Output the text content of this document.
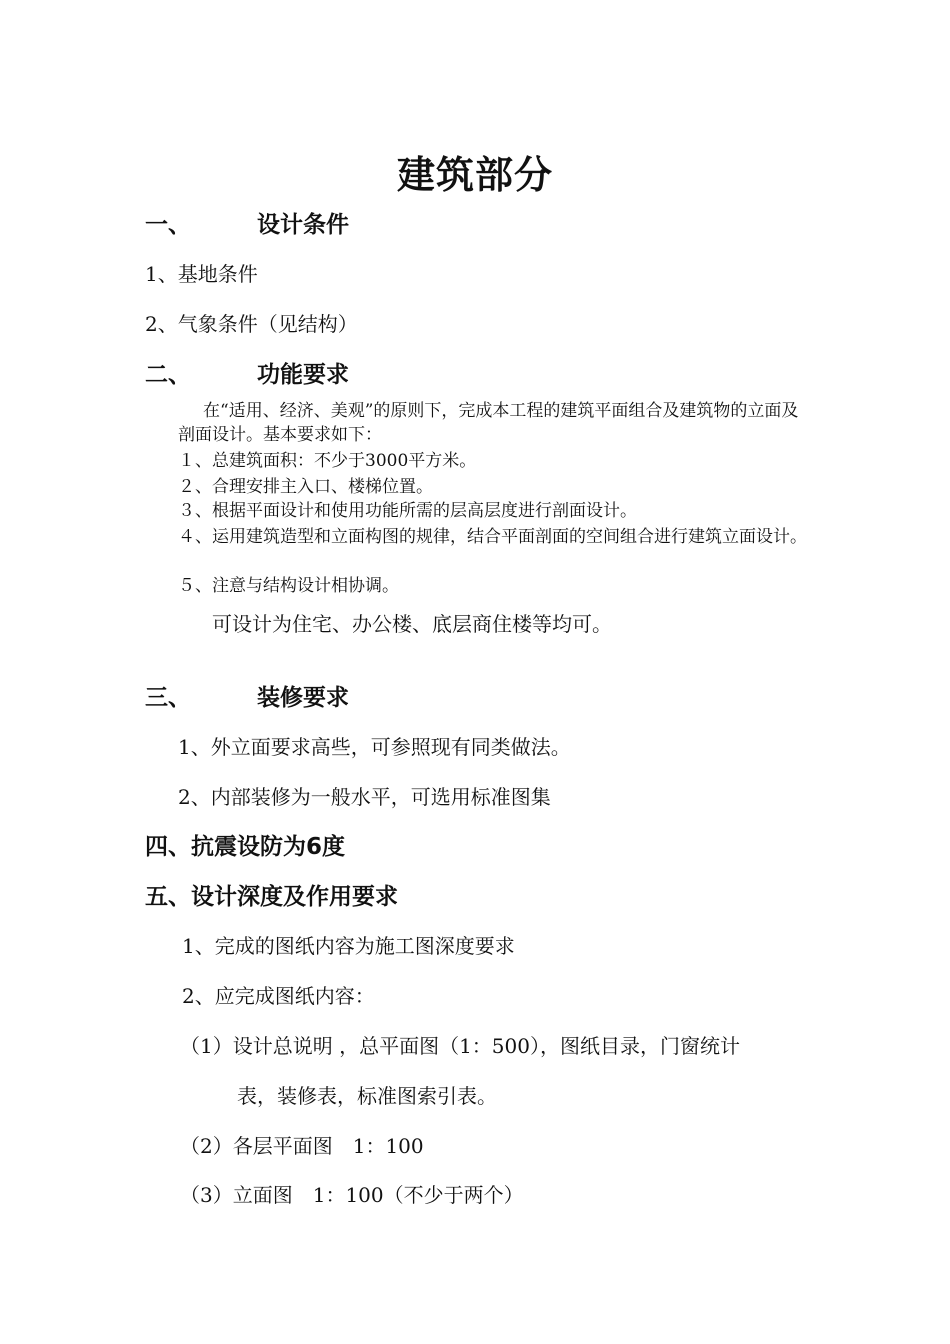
建筑部分
一、	设计条件
1、基地条件
2、气象条件（见结构）
二、	功能要求
在“适用、经济、美观”的原则下，完成本工程的建筑平面组合及建筑物的立面及剖面设计。基本要求如下：
１、总建筑面积：不少于3000平方米。
２、合理安排主入口、楼梯位置。
３、根据平面设计和使用功能所需的层高层度进行剖面设计。
４、运用建筑造型和立面构图的规律，结合平面剖面的空间组合进行建筑立面设计。
５、注意与结构设计相协调。
可设计为住宅、办公楼、底层商住楼等均可。
三、	装修要求
1、外立面要求高些，可参照现有同类做法。
2、内部装修为一般水平，可选用标准图集
四、抗震设防为6度
五、设计深度及作用要求
1、完成的图纸内容为施工图深度要求
2、应完成图纸内容：
（1）设计总说明 ，总平面图（1：500），图纸目录，门窗统计
表，装修表，标准图索引表。
（2）各层平面图　1：100
（3）立面图　1：100（不少于两个）
